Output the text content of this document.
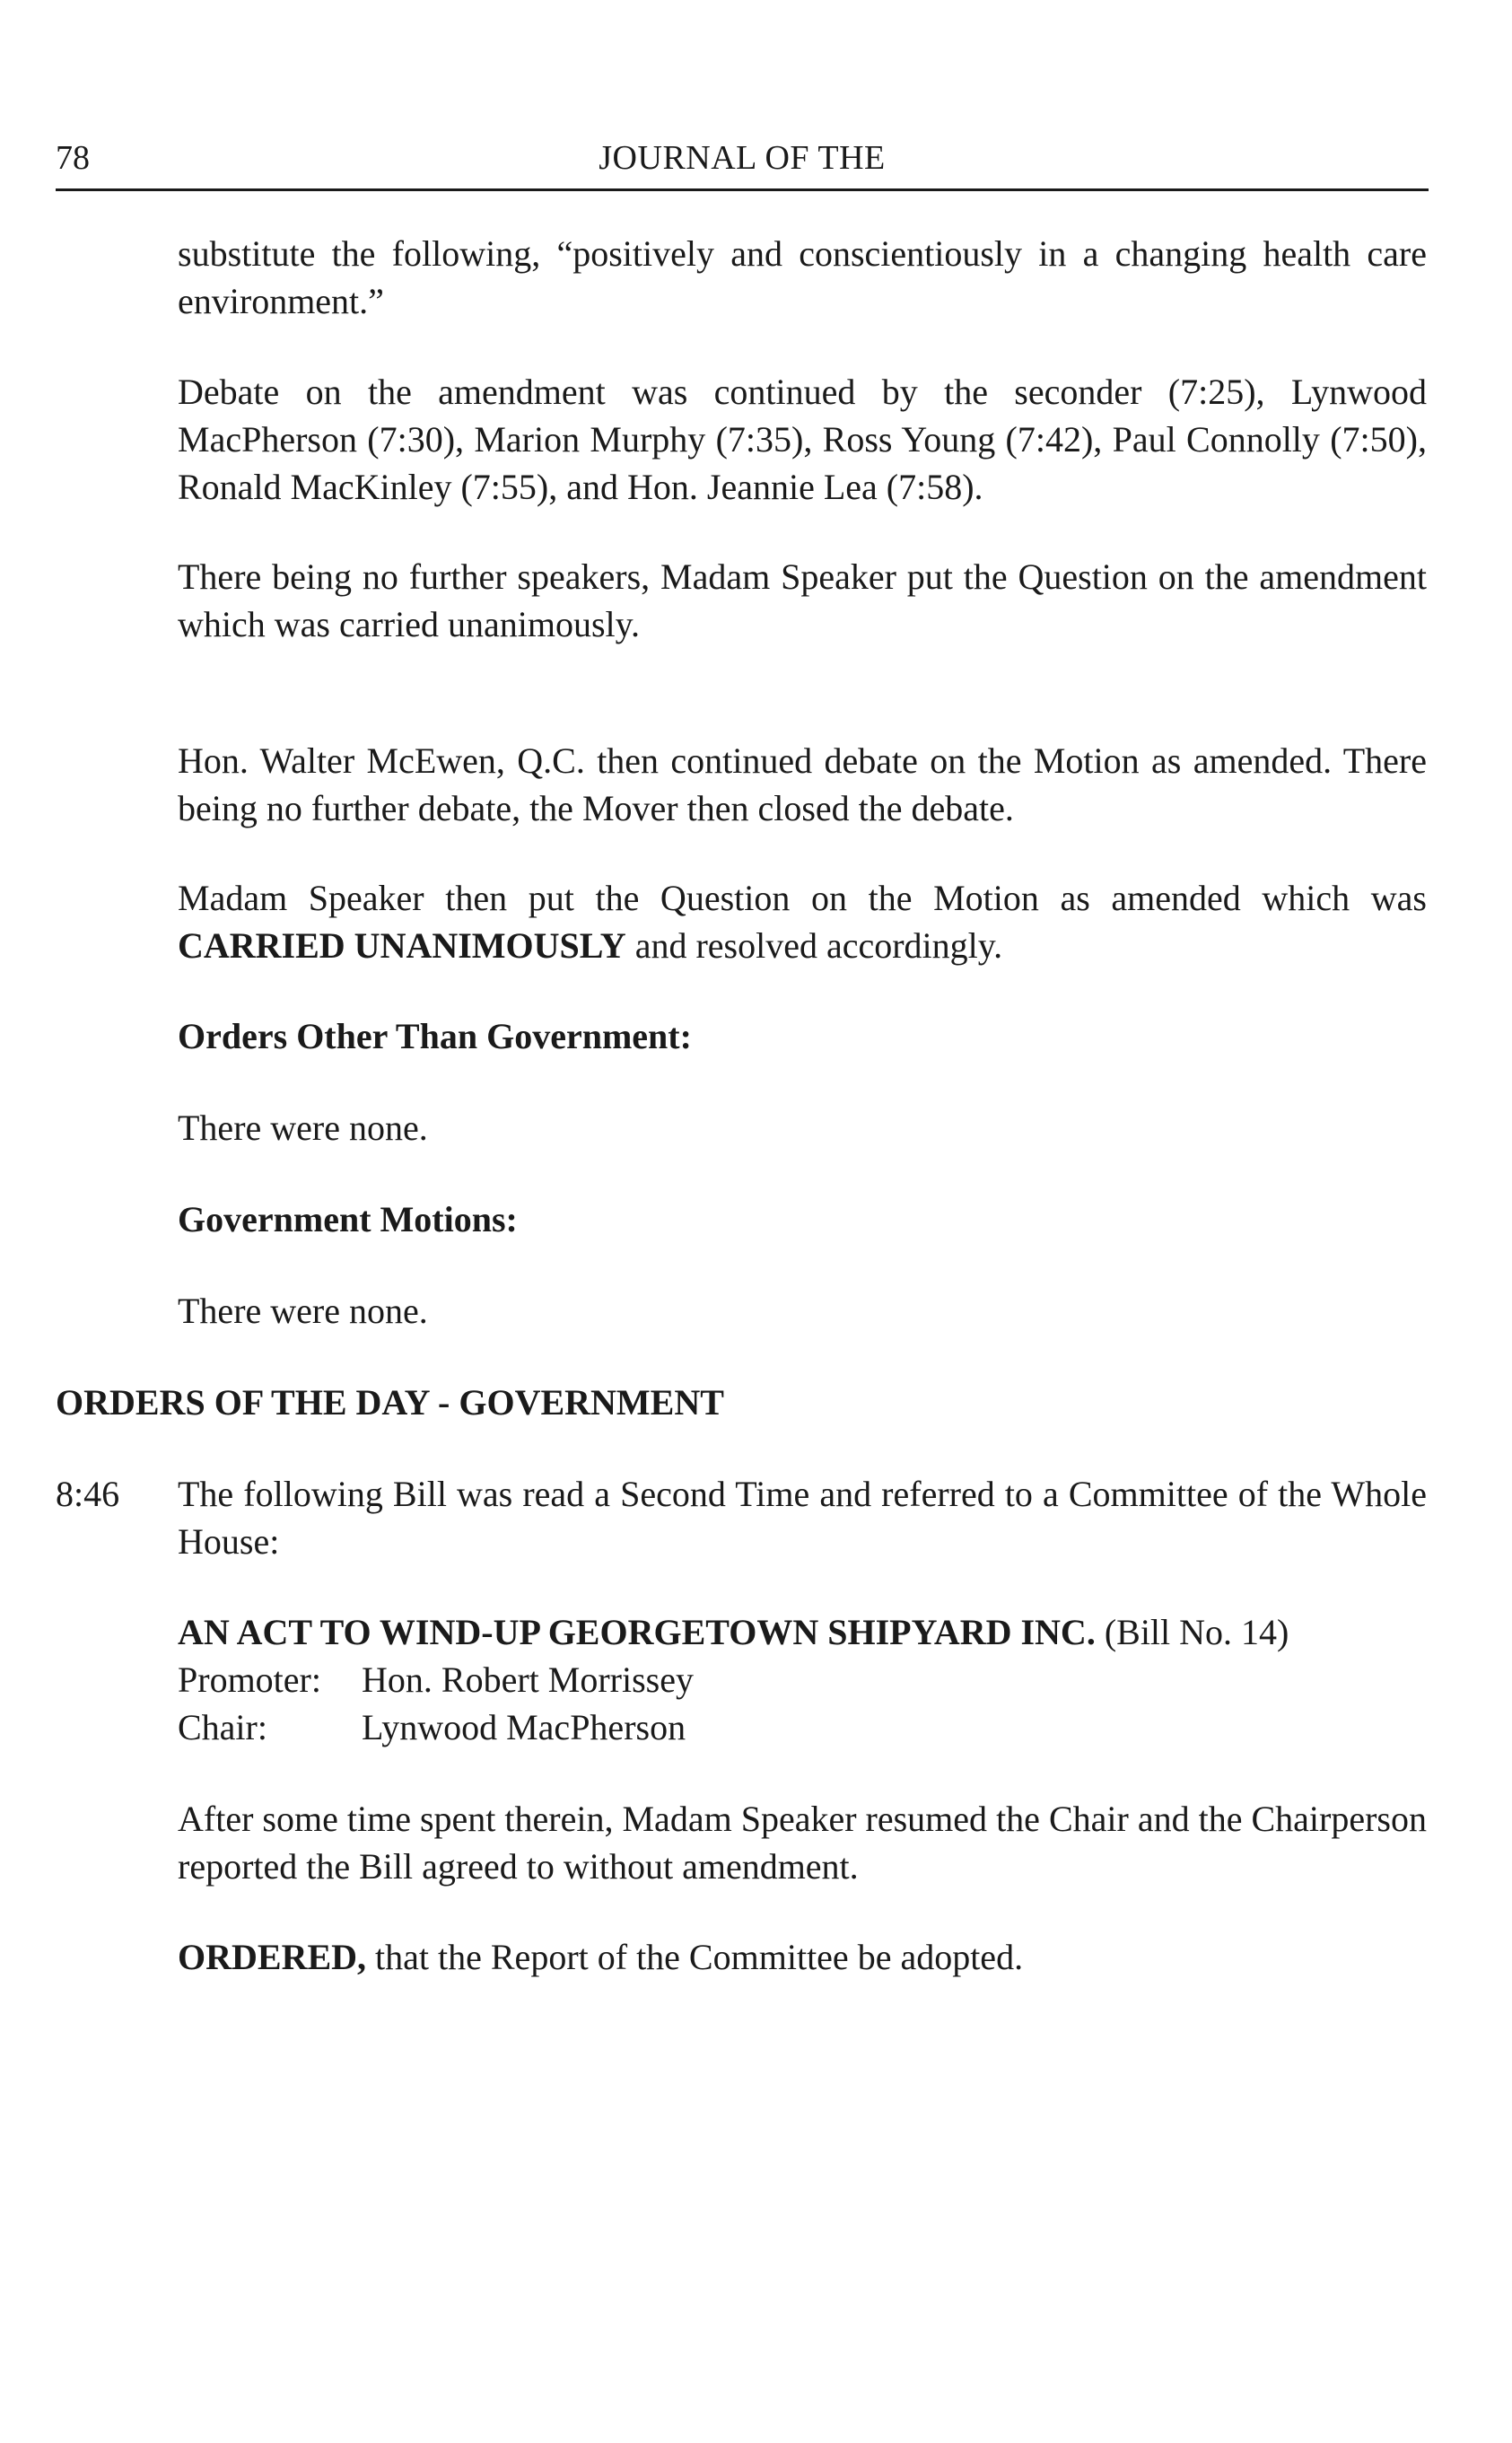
78	JOURNAL OF THE

substitute the following, “positively and conscientiously in a changing health care environment.”

Debate on the amendment was continued by the seconder (7:25), Lynwood MacPherson (7:30), Marion Murphy (7:35), Ross Young (7:42), Paul Connolly (7:50), Ronald MacKinley (7:55), and Hon. Jeannie Lea (7:58).

There being no further speakers, Madam Speaker put the Question on the amendment which was carried unanimously.

Hon. Walter McEwen, Q.C. then continued debate on the Motion as amended. There being no further debate, the Mover then closed the debate.

Madam Speaker then put the Question on the Motion as amended which was CARRIED UNANIMOUSLY and resolved accordingly.

Orders Other Than Government:

There were none.

Government Motions:

There were none.

ORDERS OF THE DAY - GOVERNMENT

8:46 The following Bill was read a Second Time and referred to a Committee of the Whole House:

AN ACT TO WIND-UP GEORGETOWN SHIPYARD INC. (Bill No. 14)
Promoter: Hon. Robert Morrissey
Chair:	Lynwood MacPherson

After some time spent therein, Madam Speaker resumed the Chair and the Chairperson reported the Bill agreed to without amendment.

ORDERED, that the Report of the Committee be adopted.
